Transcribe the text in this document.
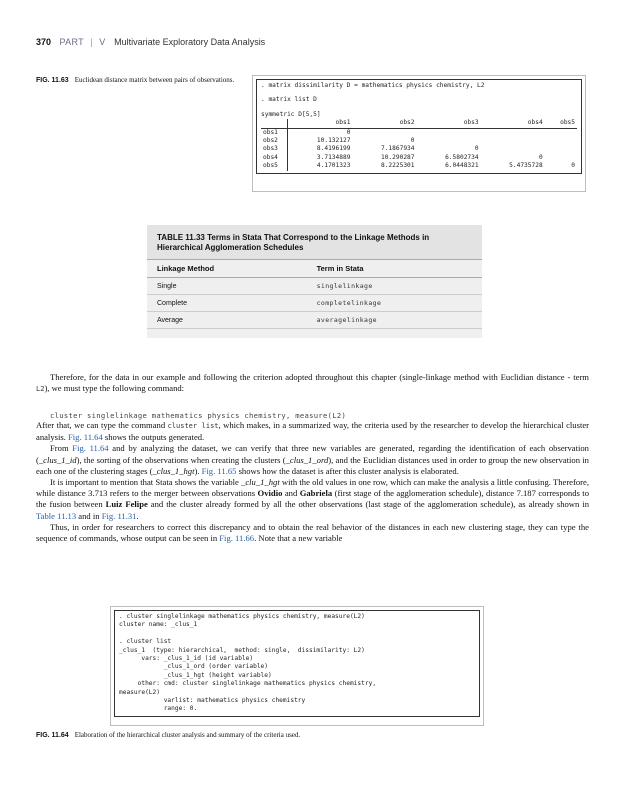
370 PART | V Multivariate Exploratory Data Analysis
FIG. 11.63 Euclidean distance matrix between pairs of observations.
. matrix dissimilarity D = mathematics physics chemistry, L2
. matrix list D
symmetric D[5,5]
	obs1	obs2	obs3	obs4	obs5
obs1	0				
obs2	10.132127	0			
obs3	8.4196199	7.1867934	0		
obs4	3.7134889	10.290287	6.5802734	0	
obs5	4.1701323	8.2225301	6.0448321	5.4735728	0
TABLE 11.33 Terms in Stata That Correspond to the Linkage Methods in Hierarchical Agglomeration Schedules
Linkage Method	Term in Stata
Single	singlelinkage
Complete	completelinkage
Average	averagelinkage

Therefore, for the data in our example and following the criterion adopted throughout this chapter (single-linkage method with Euclidian distance - term L2), we must type the following command:

cluster singlelinkage mathematics physics chemistry, measure(L2)

After that, we can type the command cluster list, which makes, in a summarized way, the criteria used by the researcher to develop the hierarchical cluster analysis. Fig. 11.64 shows the outputs generated.

From Fig. 11.64 and by analyzing the dataset, we can verify that three new variables are generated, regarding the identification of each observation (_clus_1_id), the sorting of the observations when creating the clusters (_clus_1_ord), and the Euclidian distances used in order to group the new observation in each one of the clustering stages (_clus_1_hgt). Fig. 11.65 shows how the dataset is after this cluster analysis is elaborated.

It is important to mention that Stata shows the variable _clu_1_hgt with the old values in one row, which can make the analysis a little confusing. Therefore, while distance 3.713 refers to the merger between observations Ovidio and Gabriela (first stage of the agglomeration schedule), distance 7.187 corresponds to the fusion between Luiz Felipe and the cluster already formed by all the other observations (last stage of the agglomeration schedule), as already shown in Table 11.13 and in Fig. 11.31.

Thus, in order for researchers to correct this discrepancy and to obtain the real behavior of the distances in each new clustering stage, they can type the sequence of commands, whose output can be seen in Fig. 11.66. Note that a new variable

. cluster singlelinkage mathematics physics chemistry, measure(L2)
cluster name: _clus_1

. cluster list
_clus_1  (type: hierarchical,  method: single,  dissimilarity: L2)
vars: _clus_1_id (id variable)
_clus_1_ord (order variable)
_clus_1_hgt (height variable)
other: cmd: cluster singlelinkage mathematics physics chemistry,
measure(L2)
varlist: mathematics physics chemistry
range: 0.
FIG. 11.64 Elaboration of the hierarchical cluster analysis and summary of the criteria used.
